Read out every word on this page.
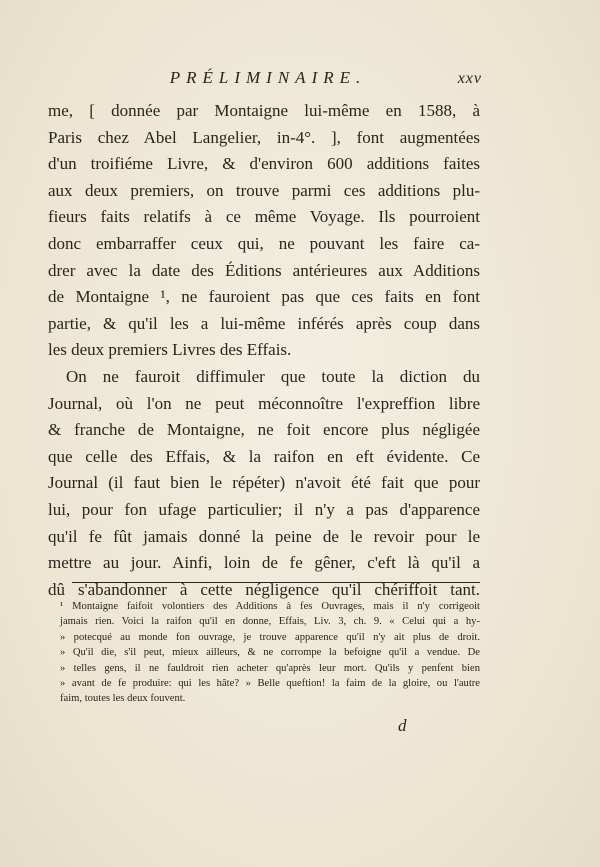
PRÉLIMINAIRE.	xxv
me, [ donnée par Montaigne lui-même en 1588, à
Paris chez Abel Langelier, in-4°. ], font augmentées
d'un troifiéme Livre, & d'environ 600 additions faites
aux deux premiers, on trouve parmi ces additions plu-
fieurs faits relatifs à ce même Voyage. Ils pourroient
donc embarraffer ceux qui, ne pouvant les faire ca-
drer avec la date des Éditions antérieures aux Additions
de Montaigne ¹, ne fauroient pas que ces faits en font
partie, & qu'il les a lui-même inférés après coup dans
les deux premiers Livres des Effais.
On ne fauroit diffimuler que toute la diction du
Journal, où l'on ne peut méconnoître l'expreffion libre
& franche de Montaigne, ne foit encore plus négligée
que celle des Effais, & la raifon en eft évidente. Ce
Journal (il faut bien le répéter) n'avoit été fait que pour
lui, pour fon ufage particulier; il n'y a pas d'apparence
qu'il fe fût jamais donné la peine de le revoir pour le
mettre au jour. Ainfi, loin de fe gêner, c'eft là qu'il a
dû s'abandonner à cette négligence qu'il chériffoit tant.
¹ Montaigne faifoit volontiers des Additions à fes Ouvrages, mais il n'y corrigeoit
jamais rien. Voici la raifon qu'il en donne, Effais, Liv. 3, ch. 9. « Celui qui a hy-
» potecqué au monde fon ouvrage, je trouve apparence qu'il n'y ait plus de droit.
» Qu'il die, s'il peut, mieux ailleurs, & ne corrompe la befoigne qu'il a vendue. De
» telles gens, il ne fauldroit rien acheter qu'après leur mort. Qu'ils y penfent bien
» avant de fe produire: qui les hâte? » Belle queftion! la faim de la gloire, ou l'autre
faim, toutes les deux fouvent.
d
